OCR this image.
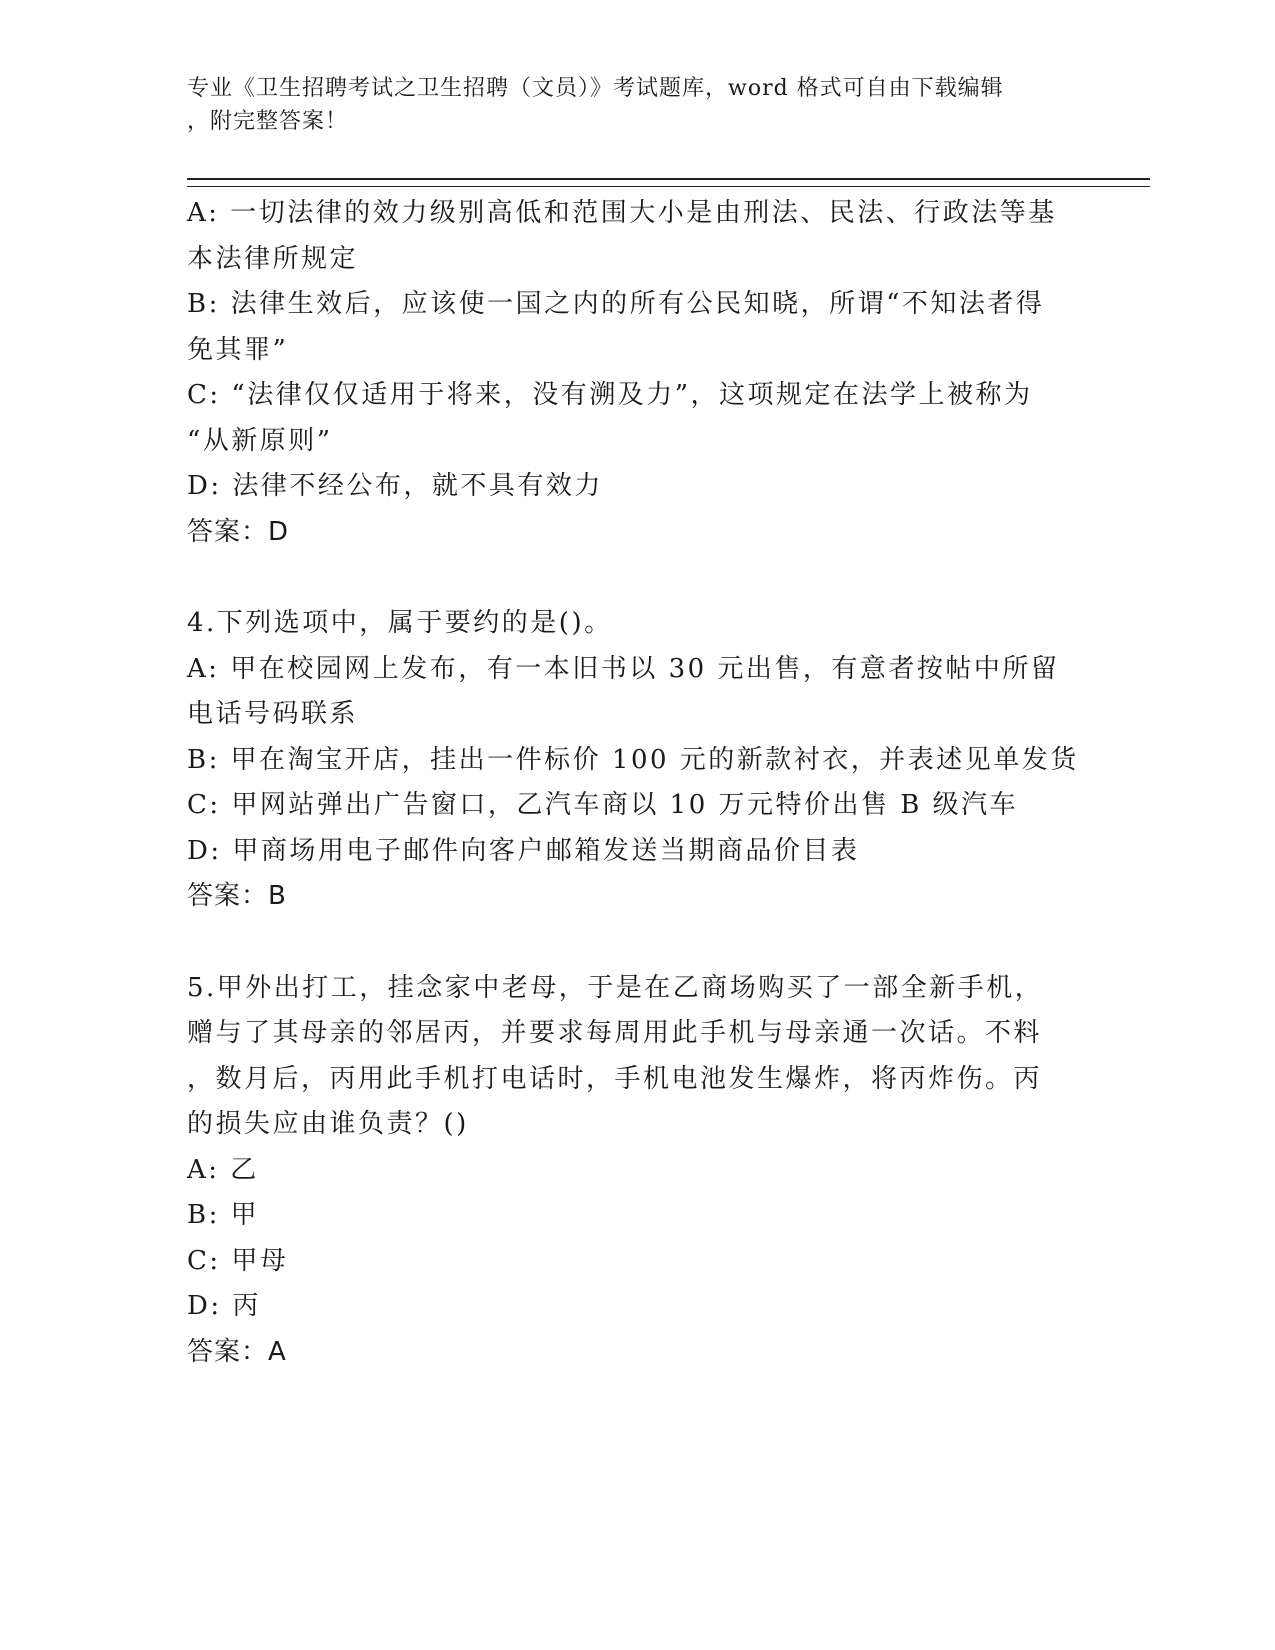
专业《卫生招聘考试之卫生招聘（文员）》考试题库，word 格式可自由下载编辑
，附完整答案！
A: 一切法律的效力级别高低和范围大小是由刑法、民法、行政法等基
本法律所规定
B: 法律生效后，应该使一国之内的所有公民知晓，所谓“不知法者得
免其罪”
C: “法律仅仅适用于将来，没有溯及力”，这项规定在法学上被称为
“从新原则”
D: 法律不经公布，就不具有效力
答案：D
4.下列选项中，属于要约的是()。
A: 甲在校园网上发布，有一本旧书以 30 元出售，有意者按帖中所留
电话号码联系
B: 甲在淘宝开店，挂出一件标价 100 元的新款衬衣，并表述见单发货
C: 甲网站弹出广告窗口，乙汽车商以 10 万元特价出售 B 级汽车
D: 甲商场用电子邮件向客户邮箱发送当期商品价目表
答案：B
5.甲外出打工，挂念家中老母，于是在乙商场购买了一部全新手机，
赠与了其母亲的邻居丙，并要求每周用此手机与母亲通一次话。不料
，数月后，丙用此手机打电话时，手机电池发生爆炸，将丙炸伤。丙
的损失应由谁负责？()
A: 乙
B: 甲
C: 甲母
D: 丙
答案：A
